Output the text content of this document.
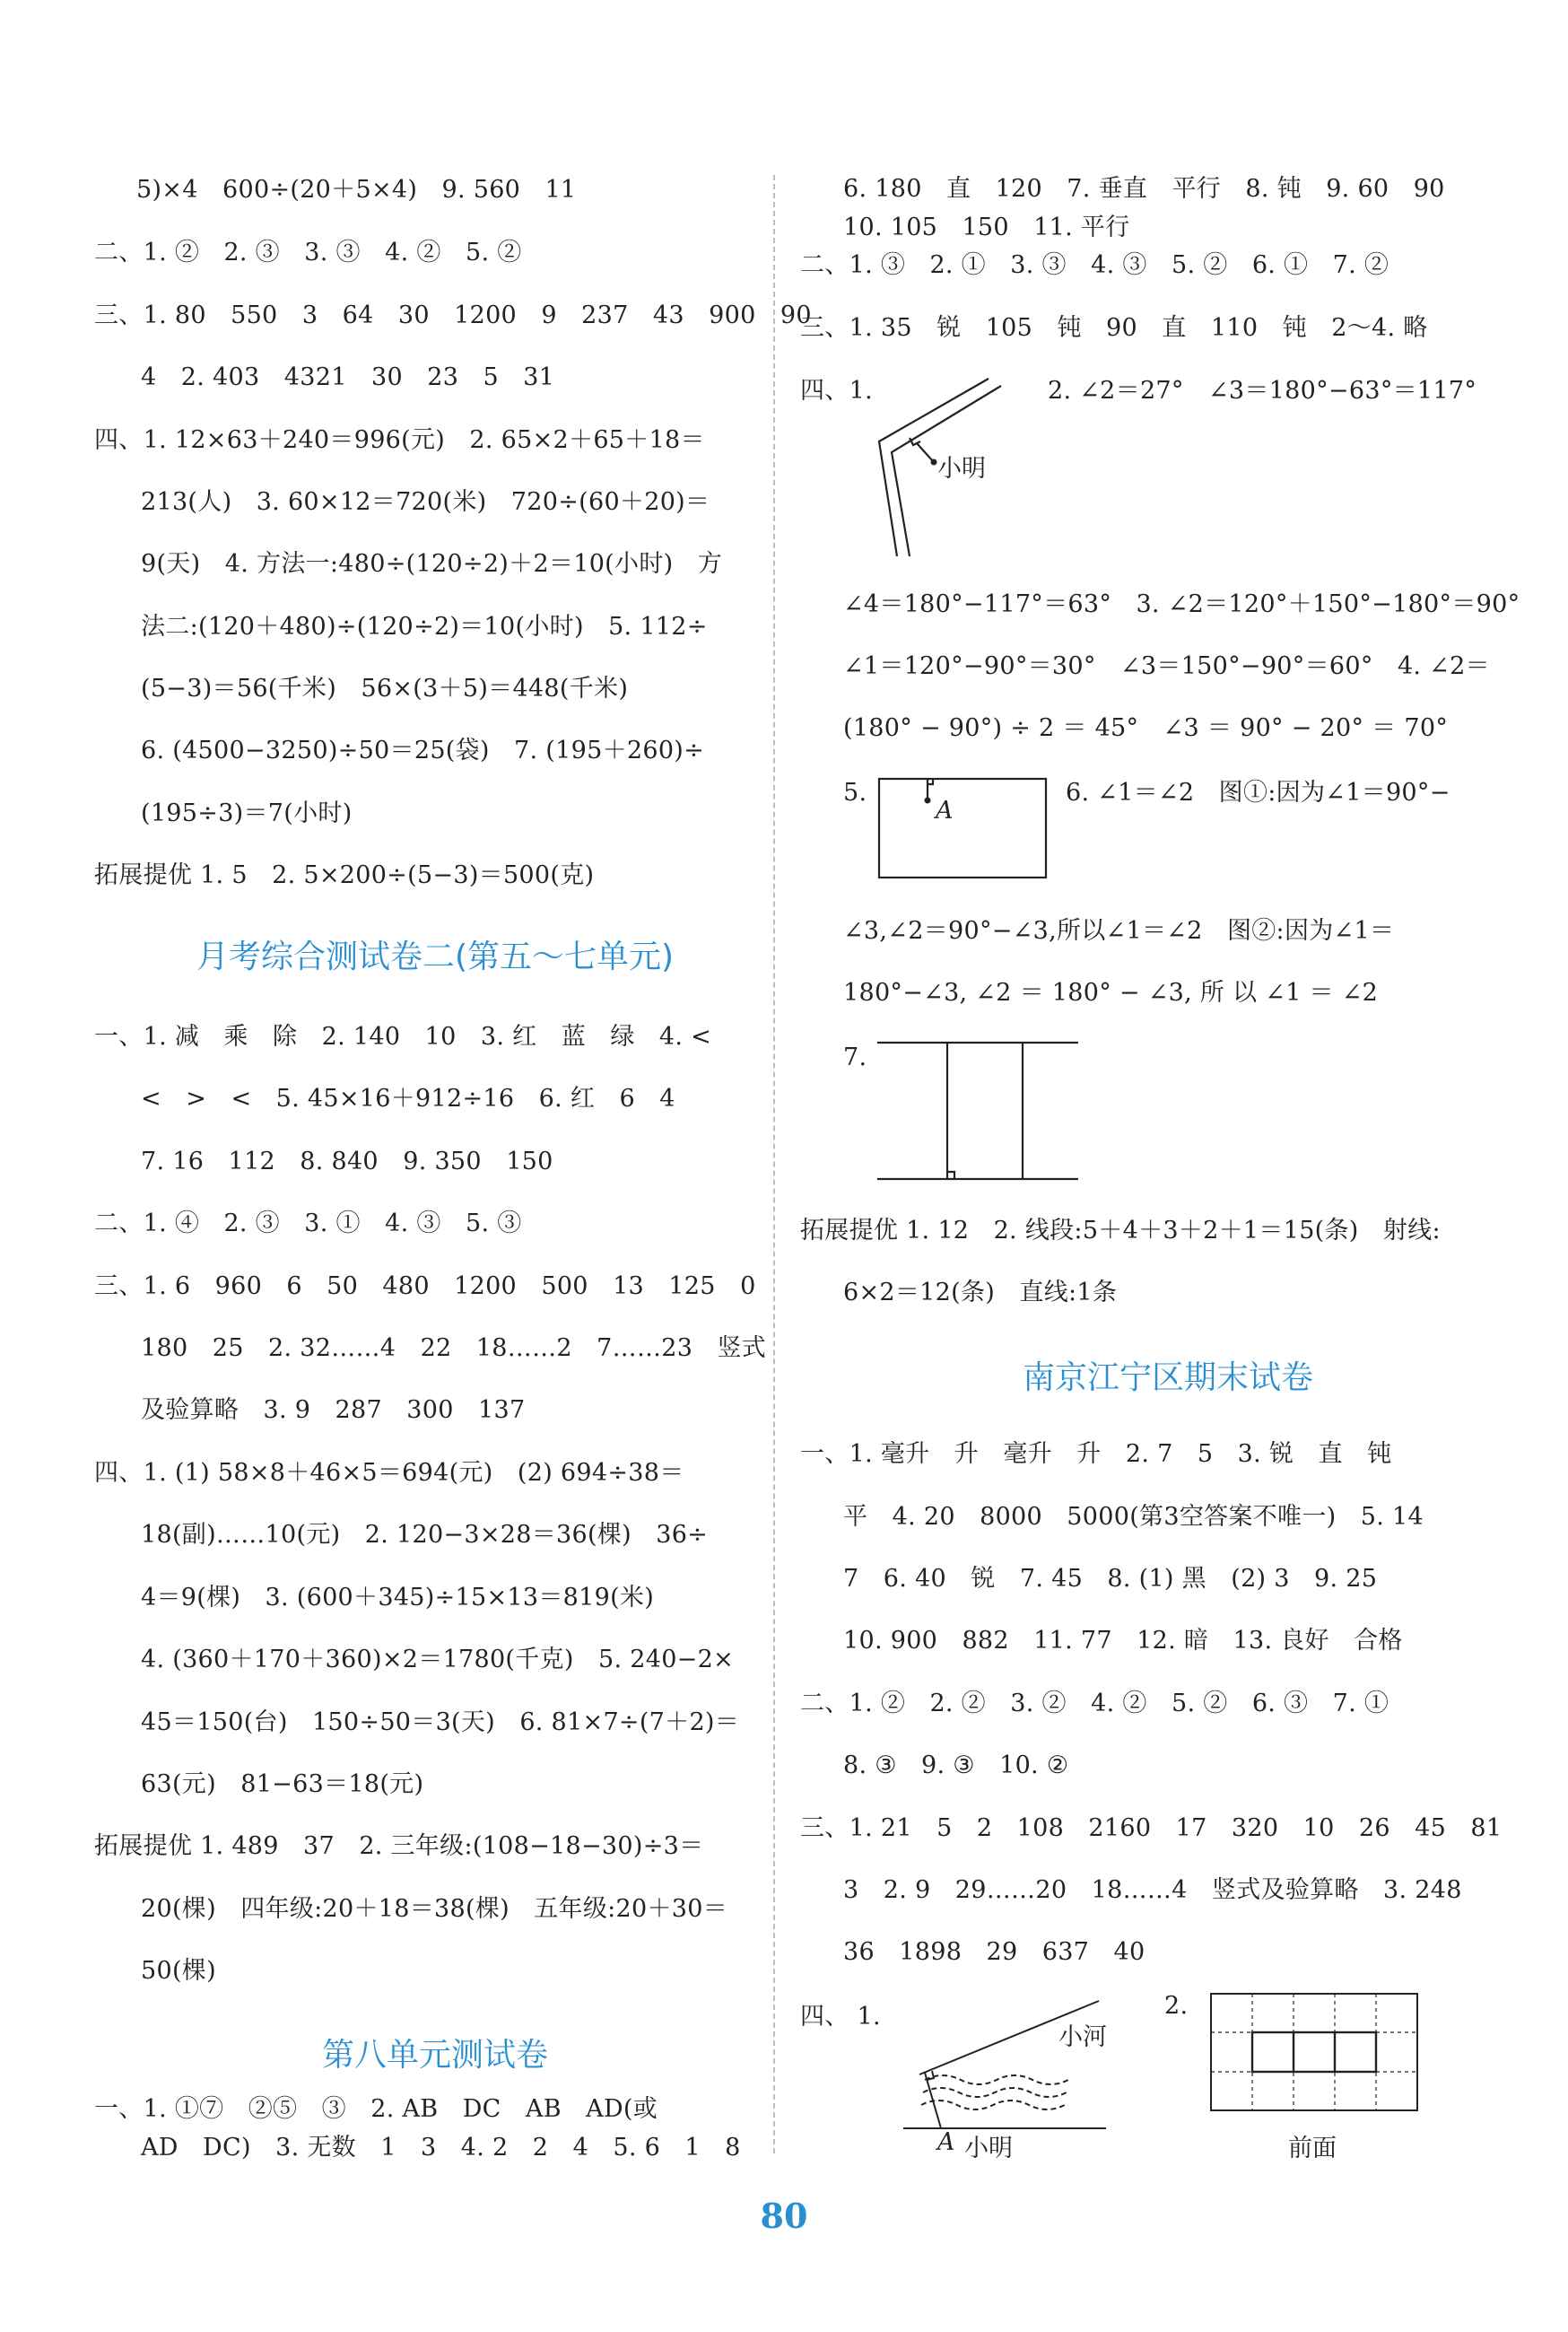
5)×4　600÷(20＋5×4)　9. 560　11
二、1. ②　2. ③　3. ③　4. ②　5. ②
三、1. 80　550　3　64　30　1200　9　237　43　900　90
4　2. 403　4321　30　23　5　31
四、1. 12×63＋240＝996(元)　2. 65×2＋65＋18＝
213(人)　3. 60×12＝720(米)　720÷(60＋20)＝
9(天)　4. 方法一:480÷(120÷2)＋2＝10(小时)　方
法二:(120＋480)÷(120÷2)＝10(小时)　5. 112÷
(5−3)＝56(千米)　56×(3＋5)＝448(千米)
6. (4500−3250)÷50＝25(袋)　7. (195＋260)÷
(195÷3)＝7(小时)
拓展提优 1. 5　2. 5×200÷(5−3)＝500(克)
月考综合测试卷二(第五～七单元)
一、1. 减　乘　除　2. 140　10　3. 红　蓝　绿　4. <
<　>　<　5. 45×16＋912÷16　6. 红　6　4
7. 16　112　8. 840　9. 350　150
二、1. ④　2. ③　3. ①　4. ③　5. ③
三、1. 6　960　6　50　480　1200　500　13　125　0
180　25　2. 32……4　22　18……2　7……23　竖式
及验算略　3. 9　287　300　137
四、1. (1) 58×8＋46×5＝694(元)　(2) 694÷38＝
18(副)……10(元)　2. 120−3×28＝36(棵)　36÷
4＝9(棵)　3. (600＋345)÷15×13＝819(米)
4. (360＋170＋360)×2＝1780(千克)　5. 240−2×
45＝150(台)　150÷50＝3(天)　6. 81×7÷(7＋2)＝
63(元)　81−63＝18(元)
拓展提优 1. 489　37　2. 三年级:(108−18−30)÷3＝
20(棵)　四年级:20＋18＝38(棵)　五年级:20＋30＝
50(棵)
第八单元测试卷
一、1. ①⑦　②⑤　③　2. AB　DC　AB　AD(或
AD　DC)　3. 无数　1　3　4. 2　2　4　5. 6　1　8
6. 180　直　120　7. 垂直　平行　8. 钝　9. 60　90
10. 105　150　11. 平行
二、1. ③　2. ①　3. ③　4. ③　5. ②　6. ①　7. ②
三、1. 35　锐　105　钝　90　直　110　钝　2～4. 略
四、1.	2. ∠2＝27°　∠3＝180°−63°＝117°
小明
∠4＝180°−117°＝63°　3. ∠2＝120°＋150°−180°＝90°
∠1＝120°−90°＝30°　∠3＝150°−90°＝60°　4. ∠2＝
(180° − 90°) ÷ 2 ＝ 45°　∠3 ＝ 90° − 20° ＝ 70°
5.
A
6. ∠1＝∠2　图①:因为∠1＝90°−
∠3,∠2＝90°−∠3,所以∠1＝∠2　图②:因为∠1＝
180°−∠3, ∠2 ＝ 180° − ∠3, 所 以 ∠1 ＝ ∠2
7.
拓展提优 1. 12　2. 线段:5＋4＋3＋2＋1＝15(条)　射线:
6×2＝12(条)　直线:1条
南京江宁区期末试卷
一、1. 毫升　升　毫升　升　2. 7　5　3. 锐　直　钝
平　4. 20　8000　5000(第3空答案不唯一)　5. 14
7　6. 40　锐　7. 45　8. (1) 黑　(2) 3　9. 25
10. 900　882　11. 77　12. 暗　13. 良好　合格
二、1. ②　2. ②　3. ②　4. ②　5. ②　6. ③　7. ①
8. ③　9. ③　10. ②
三、1. 21　5　2　108　2160　17　320　10　26　45　81
3　2. 9　29……20　18……4　竖式及验算略　3. 248
36　1898　29　637　40
四、 1.
小河
A 小明
2.
前面
80
